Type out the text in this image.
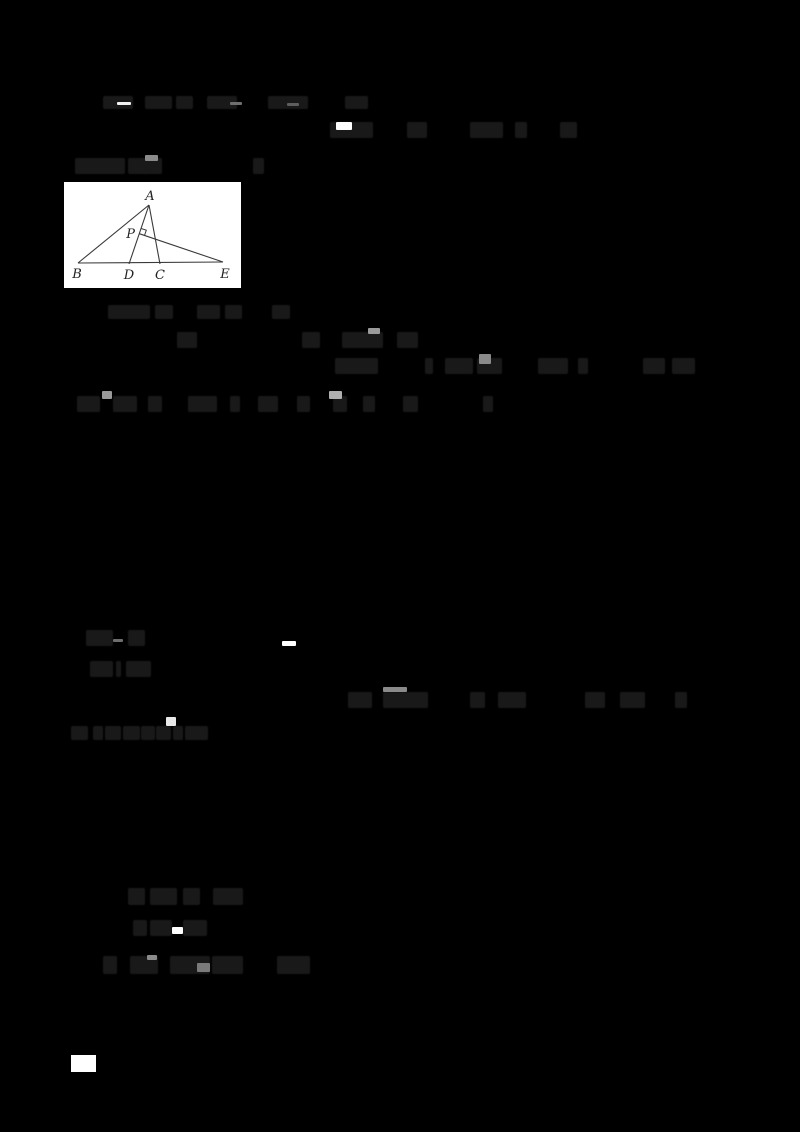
A
P
B	D C	E
